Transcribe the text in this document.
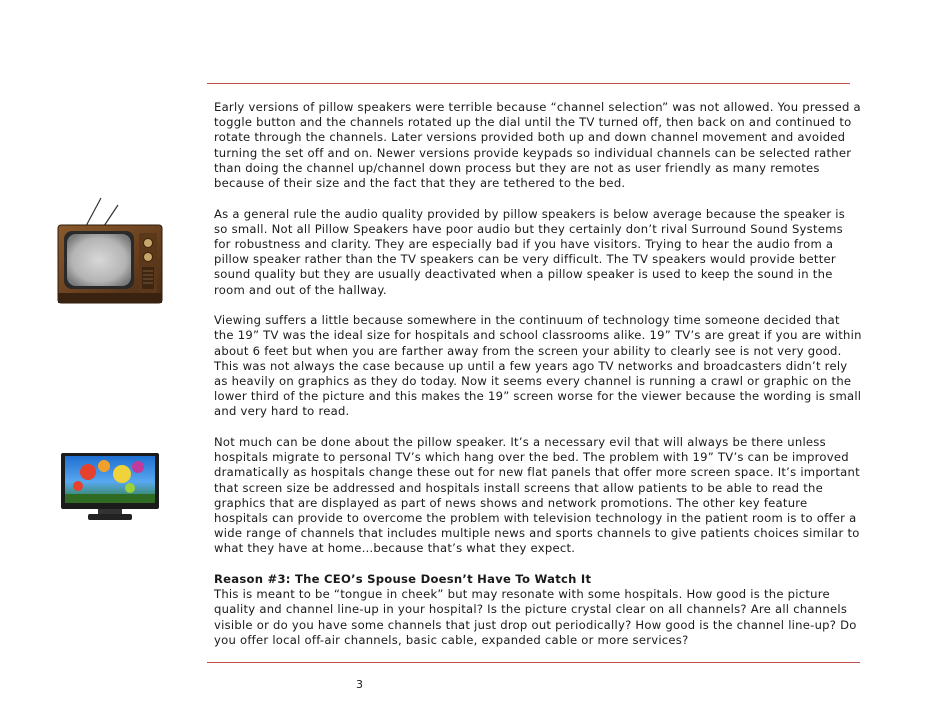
Early versions of pillow speakers were terrible because “channel selection” was not allowed. You pressed a toggle button and the channels rotated up the dial until the TV turned off, then back on and continued to rotate through the channels. Later versions provided both up and down channel movement and avoided turning the set off and on. Newer versions provide keypads so individual channels can be selected rather than doing the channel up/channel down process but they are not as user friendly as many remotes because of their size and the fact that they are tethered to the bed.

As a general rule the audio quality provided by pillow speakers is below average because the speaker is so small. Not all Pillow Speakers have poor audio but they certainly don’t rival Surround Sound Systems for robustness and clarity. They are especially bad if you have visitors. Trying to hear the audio from a pillow speaker rather than the TV speakers can be very difficult. The TV speakers would provide better sound quality but they are usually deactivated when a pillow speaker is used to keep the sound in the room and out of the hallway.

Viewing suffers a little because somewhere in the continuum of technology time someone decided that the 19” TV was the ideal size for hospitals and school classrooms alike. 19” TV’s are great if you are within about 6 feet but when you are farther away from the screen your ability to clearly see is not very good. This was not always the case because up until a few years ago TV networks and broadcasters didn’t rely as heavily on graphics as they do today. Now it seems every channel is running a crawl or graphic on the lower third of the picture and this makes the 19” screen worse for the viewer because the wording is small and very hard to read.

Not much can be done about the pillow speaker. It’s a necessary evil that will always be there unless hospitals migrate to personal TV’s which hang over the bed. The problem with 19” TV’s can be improved dramatically as hospitals change these out for new flat panels that offer more screen space. It’s important that screen size be addressed and hospitals install screens that allow patients to be able to read the graphics that are displayed as part of news shows and network promotions. The other key feature hospitals can provide to overcome the problem with television technology in the patient room is to offer a wide range of channels that includes multiple news and sports channels to give patients choices similar to what they have at home…because that’s what they expect.

Reason #3: The CEO’s Spouse Doesn’t Have To Watch It

This is meant to be “tongue in cheek” but may resonate with some hospitals. How good is the picture quality and channel line-up in your hospital? Is the picture crystal clear on all channels? Are all channels visible or do you have some channels that just drop out periodically? How good is the channel line-up? Do you offer local off-air channels, basic cable, expanded cable or more services?

3
